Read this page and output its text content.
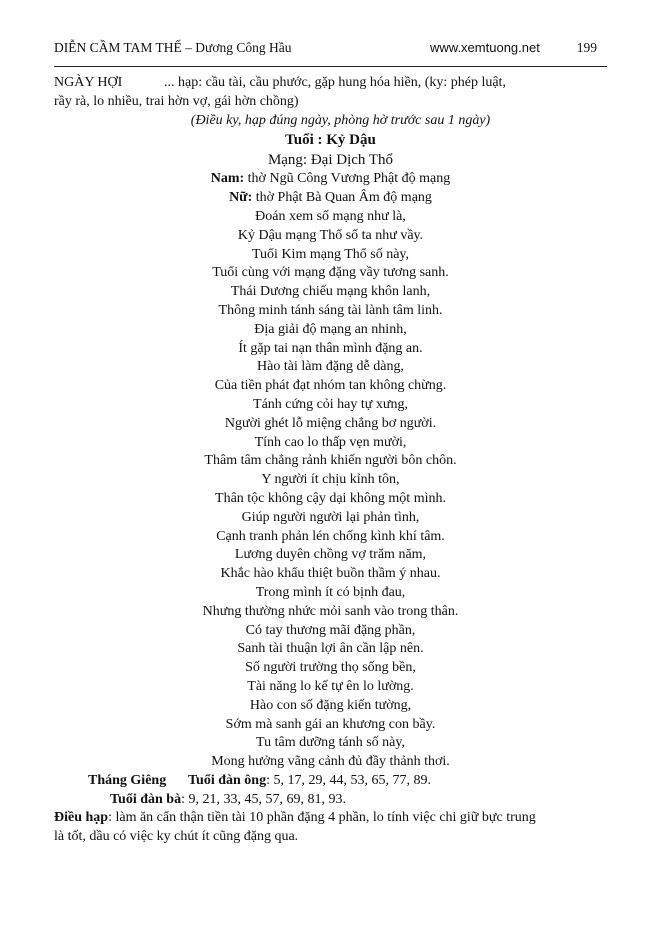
DIỄN CẦM TAM THẾ – Dương Công Hầu	www.xemtuong.net	199

NGÀY HỢI	... hạp: cầu tài, cầu phước, gặp hung hóa hiền, (ky: phép luật,

rầy rà, lo nhiều, trai hờn vợ, gái hờn chồng)

(Điều ky, hạp đúng ngày, phòng hờ trước sau 1 ngày)

Tuổi : Kỷ Dậu
Mạng: Đại Dịch Thổ
Nam: thờ Ngũ Công Vương Phật độ mạng
Nữ: thờ Phật Bà Quan Âm độ mạng
Đoán xem số mạng như là,
Kỷ Dậu mạng Thổ số ta như vầy.
Tuổi Kim mạng Thổ số này,
Tuổi cùng với mạng đặng vầy tương sanh.
Thái Dương chiếu mạng khôn lanh,
Thông minh tánh sáng tài lành tâm linh.
Địa giải độ mạng an nhinh,
Ít gặp tai nạn thân mình đặng an.
Hào tài làm đặng dễ dàng,
Của tiền phát đạt nhóm tan không chừng.
Tánh cứng cỏi hay tự xưng,
Người ghét lỗ miệng chẳng bơ người.
Tính cao lo thấp vẹn mười,
Thâm tâm chẳng rảnh khiến người bôn chôn.
Y người ít chịu kỉnh tôn,
Thân tộc không cậy dại không một mình.
Giúp người người lại phản tình,
Cạnh tranh phản lén chống kình khí tâm.
Lương duyên chồng vợ trăm năm,
Khắc hào khẩu thiệt buồn thầm ý nhau.
Trong mình ít có bịnh đau,
Nhưng thường nhức mỏi sanh vào trong thân.
Có tay thương mãi đặng phần,
Sanh tài thuận lợi ân cần lập nên.
Số người trường thọ sống bền,
Tài năng lo kế tự ên lo lường.
Hào con số đặng kiến tường,
Sớm mà sanh gái an khương con bầy.
Tu tâm dưỡng tánh số này,
Mong hưởng vãng cảnh đủ đầy thảnh thơi.
Tháng Giêng Tuổi đàn ông: 5, 17, 29, 44, 53, 65, 77, 89.
Tuổi đàn bà: 9, 21, 33, 45, 57, 69, 81, 93.

Điều hạp: làm ăn cẩn thận tiền tài 10 phần đặng 4 phần, lo tính việc chi giữ bực trung

là tốt, dầu có việc ky chút ít cũng đặng qua.
